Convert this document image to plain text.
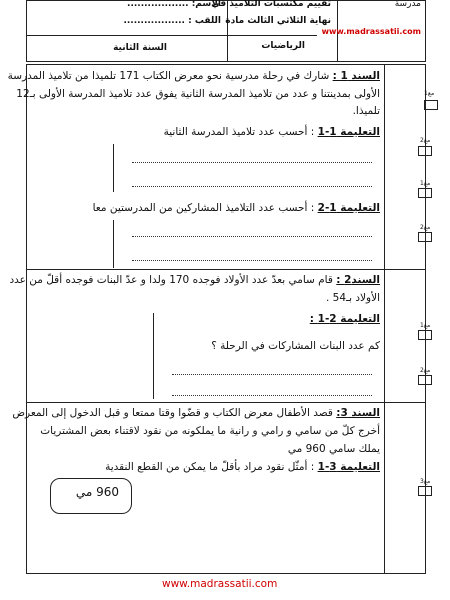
مدرسة
www.madrassatii.com
تقييم مكتسبات التلاميذ في
نهاية الثلاثي الثالث مادة
الرياضيات
الاسم: ..................
اللقب : ..................
السنة الثانية
السند 1 : شارك في رحلة مدرسية نحو معرض الكتاب 171 تلميذا من تلاميذ المدرسة
الأولى بمدينتنا و عدد من تلاميذ المدرسة الثانية يفوق عدد تلاميذ المدرسة الأولى بـ12
تلميذا.
التعليمة 1-1 : أحسب عدد تلاميذ المدرسة الثانية
التعليمة 1-2 : أحسب عدد التلاميذ المشاركين من المدرستين معا
السند2 : قام سامي بعدّ عدد الأولاد فوجده 170 ولدا و عدّ البنات فوجده أقلّ من عدد
الأولاد بـ54 .
التعليمة 2-1 :
كم عدد البنات المشاركات في الرحلة ؟
السند 3: قصد الأطفال معرض الكتاب و قضّوا وقتا ممتعا و قبل الدخول إلى المعرض
أخرج كلّ من سامي و رامي و رانية ما يملكونه من نقود لاقتناء بعض المشتريات
يملك سامي 960 مي
التعليمة 3-1 : أمثّل نقود مراد بأقلّ ما يمكن من القطع النقدية
960 مي
مع1
مع2
مع1
مع2
مع1
مع2
مع3
www.madrassatii.com
